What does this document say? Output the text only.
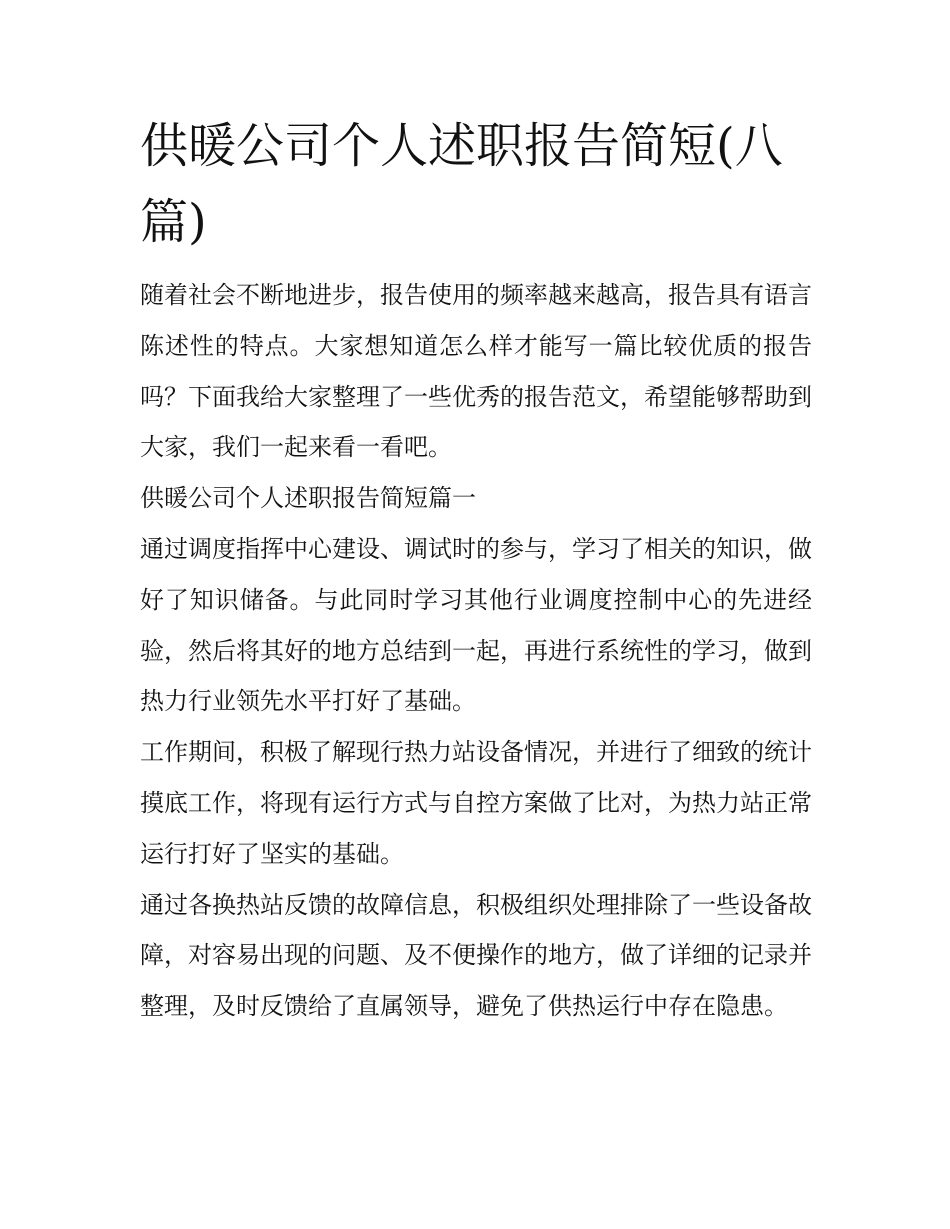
供暖公司个人述职报告简短(八篇)

随着社会不断地进步，报告使用的频率越来越高，报告具有语言陈述性的特点。大家想知道怎么样才能写一篇比较优质的报告吗？下面我给大家整理了一些优秀的报告范文，希望能够帮助到大家，我们一起来看一看吧。

供暖公司个人述职报告简短篇一

通过调度指挥中心建设、调试时的参与，学习了相关的知识，做好了知识储备。与此同时学习其他行业调度控制中心的先进经验，然后将其好的地方总结到一起，再进行系统性的学习，做到热力行业领先水平打好了基础。

工作期间，积极了解现行热力站设备情况，并进行了细致的统计摸底工作，将现有运行方式与自控方案做了比对，为热力站正常运行打好了坚实的基础。

通过各换热站反馈的故障信息，积极组织处理排除了一些设备故障，对容易出现的问题、及不便操作的地方，做了详细的记录并整理，及时反馈给了直属领导，避免了供热运行中存在隐患。
